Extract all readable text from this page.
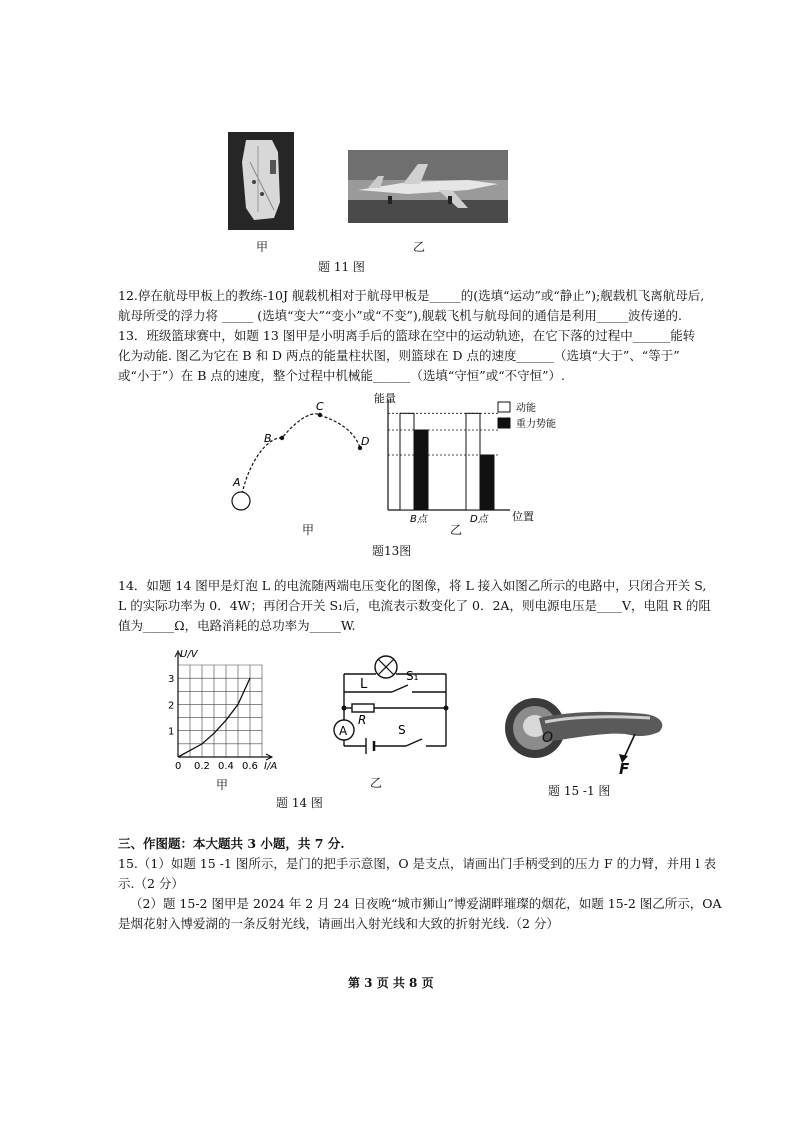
甲	乙
题 11 图
12.停在航母甲板上的教练-10J 舰载机相对于航母甲板是_____的(选填“运动”或“静止”);舰载机飞离航母后,
航母所受的浮力将 _____ (选填“变大”“变小”或“不变”),舰载飞机与航母间的通信是利用_____波传递的.
13．班级篮球赛中，如题 13 图甲是小明离手后的篮球在空中的运动轨迹，在它下落的过程中______能转
化为动能. 图乙为它在 B 和 D 两点的能量柱状图，则篮球在 D 点的速度______（选填“大于”、“等于”
或“小于”）在 B 点的速度，整个过程中机械能______（选填“守恒”或“不守恒”）.
A
B
C
D
甲
能量
位置
动能
重力势能
B点	D点
乙
题13图
14．如题 14 图甲是灯泡 L 的电流随两端电压变化的图像，将 L 接入如图乙所示的电路中，只闭合开关 S,
L 的实际功率为 0．4W；再闭合开关 S₁后，电流表示数变化了 0．2A，则电源电压是____V，电阻 R 的阻
值为_____Ω，电路消耗的总功率为_____W.
U/V
I/A
0 0.2 0.4 0.6
1
2
3
甲
L
S₁
R
A	S
乙
题 14 图
O
F
题 15 -1 图
三、作图题：本大题共 3 小题，共 7 分.
15.（1）如题 15 -1 图所示，是门的把手示意图，O 是支点，请画出门手柄受到的压力 F 的力臂，并用 l 表
示.（2 分）
（2）题 15-2 图甲是 2024 年 2 月 24 日夜晚“城市狮山”博爱湖畔璀璨的烟花，如题 15-2 图乙所示，OA
是烟花射入博爱湖的一条反射光线，请画出入射光线和大致的折射光线.（2 分）
第 3 页 共 8 页
